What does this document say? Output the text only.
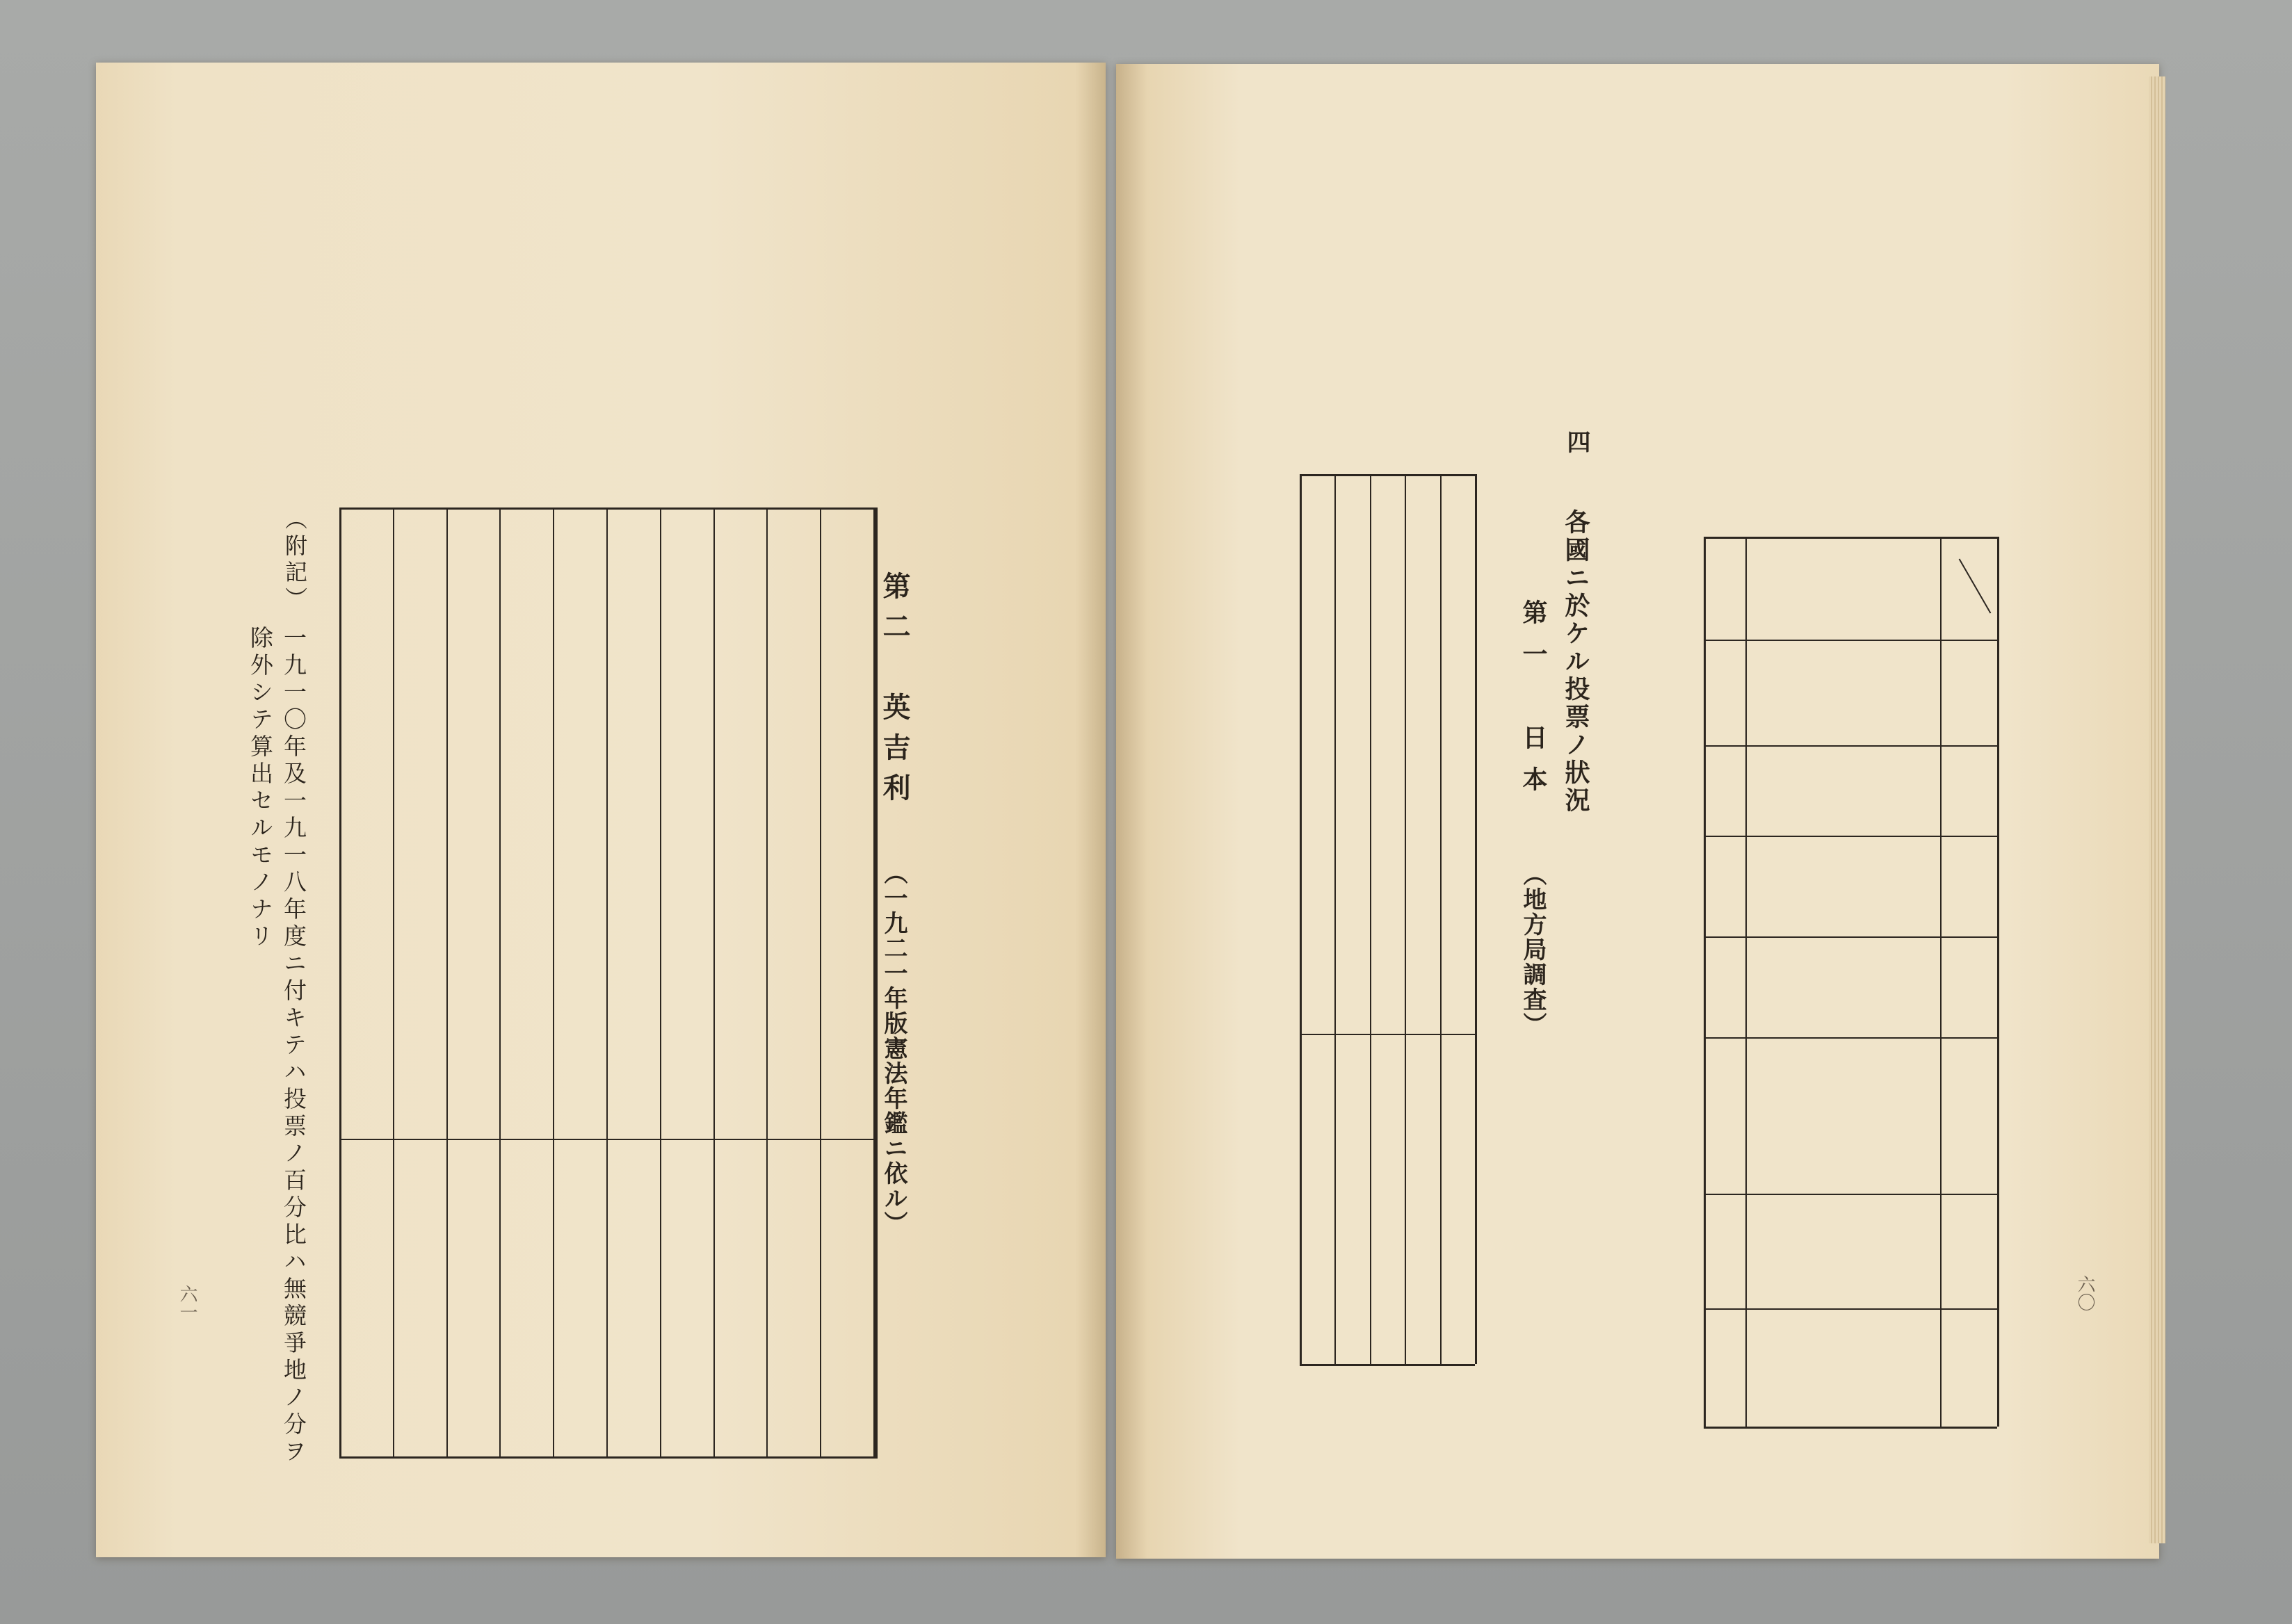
第二　英吉利
（一九二一年版憲法年鑑ニ依ル）
（附記）
一九一〇年及一九一八年度ニ付キテハ投票ノ百分比ハ無競爭地ノ分ヲ
除外シテ算出セルモノナリ
六一
四
各國ニ於ケル投票ノ狀況
第一　日本
（地方局調査）
六〇
